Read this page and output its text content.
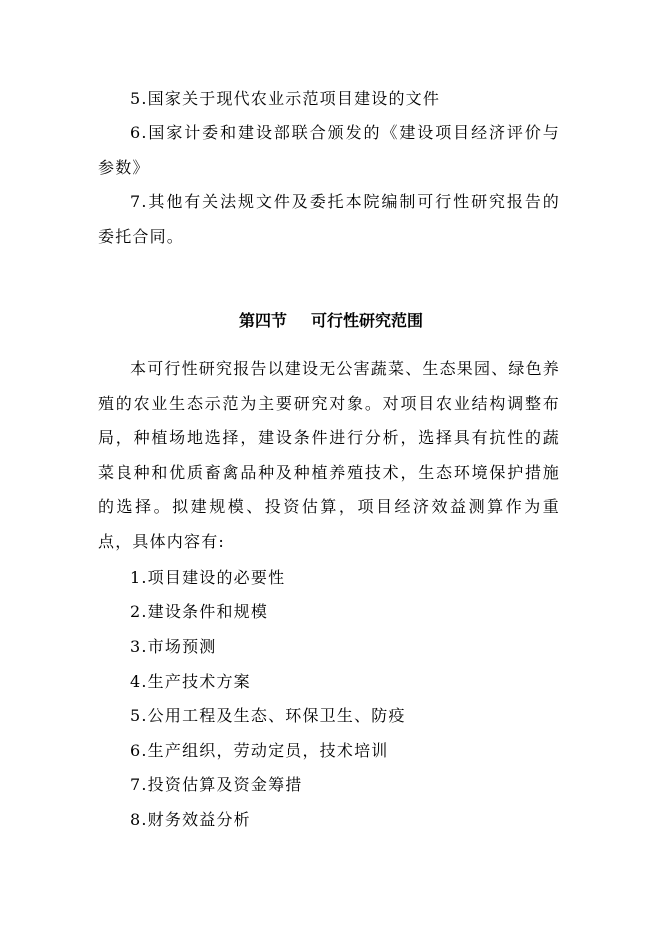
5.国家关于现代农业示范项目建设的文件

6.国家计委和建设部联合颁发的《建设项目经济评价与参数》

7.其他有关法规文件及委托本院编制可行性研究报告的委托合同。

第四节 可行性研究范围

本可行性研究报告以建设无公害蔬菜、生态果园、绿色养殖的农业生态示范为主要研究对象。对项目农业结构调整布局，种植场地选择，建设条件进行分析，选择具有抗性的蔬菜良种和优质畜禽品种及种植养殖技术，生态环境保护措施的选择。拟建规模、投资估算，项目经济效益测算作为重点，具体内容有:

1.项目建设的必要性

2.建设条件和规模

3.市场预测

4.生产技术方案

5.公用工程及生态、环保卫生、防疫

6.生产组织，劳动定员，技术培训

7.投资估算及资金筹措

8.财务效益分析
